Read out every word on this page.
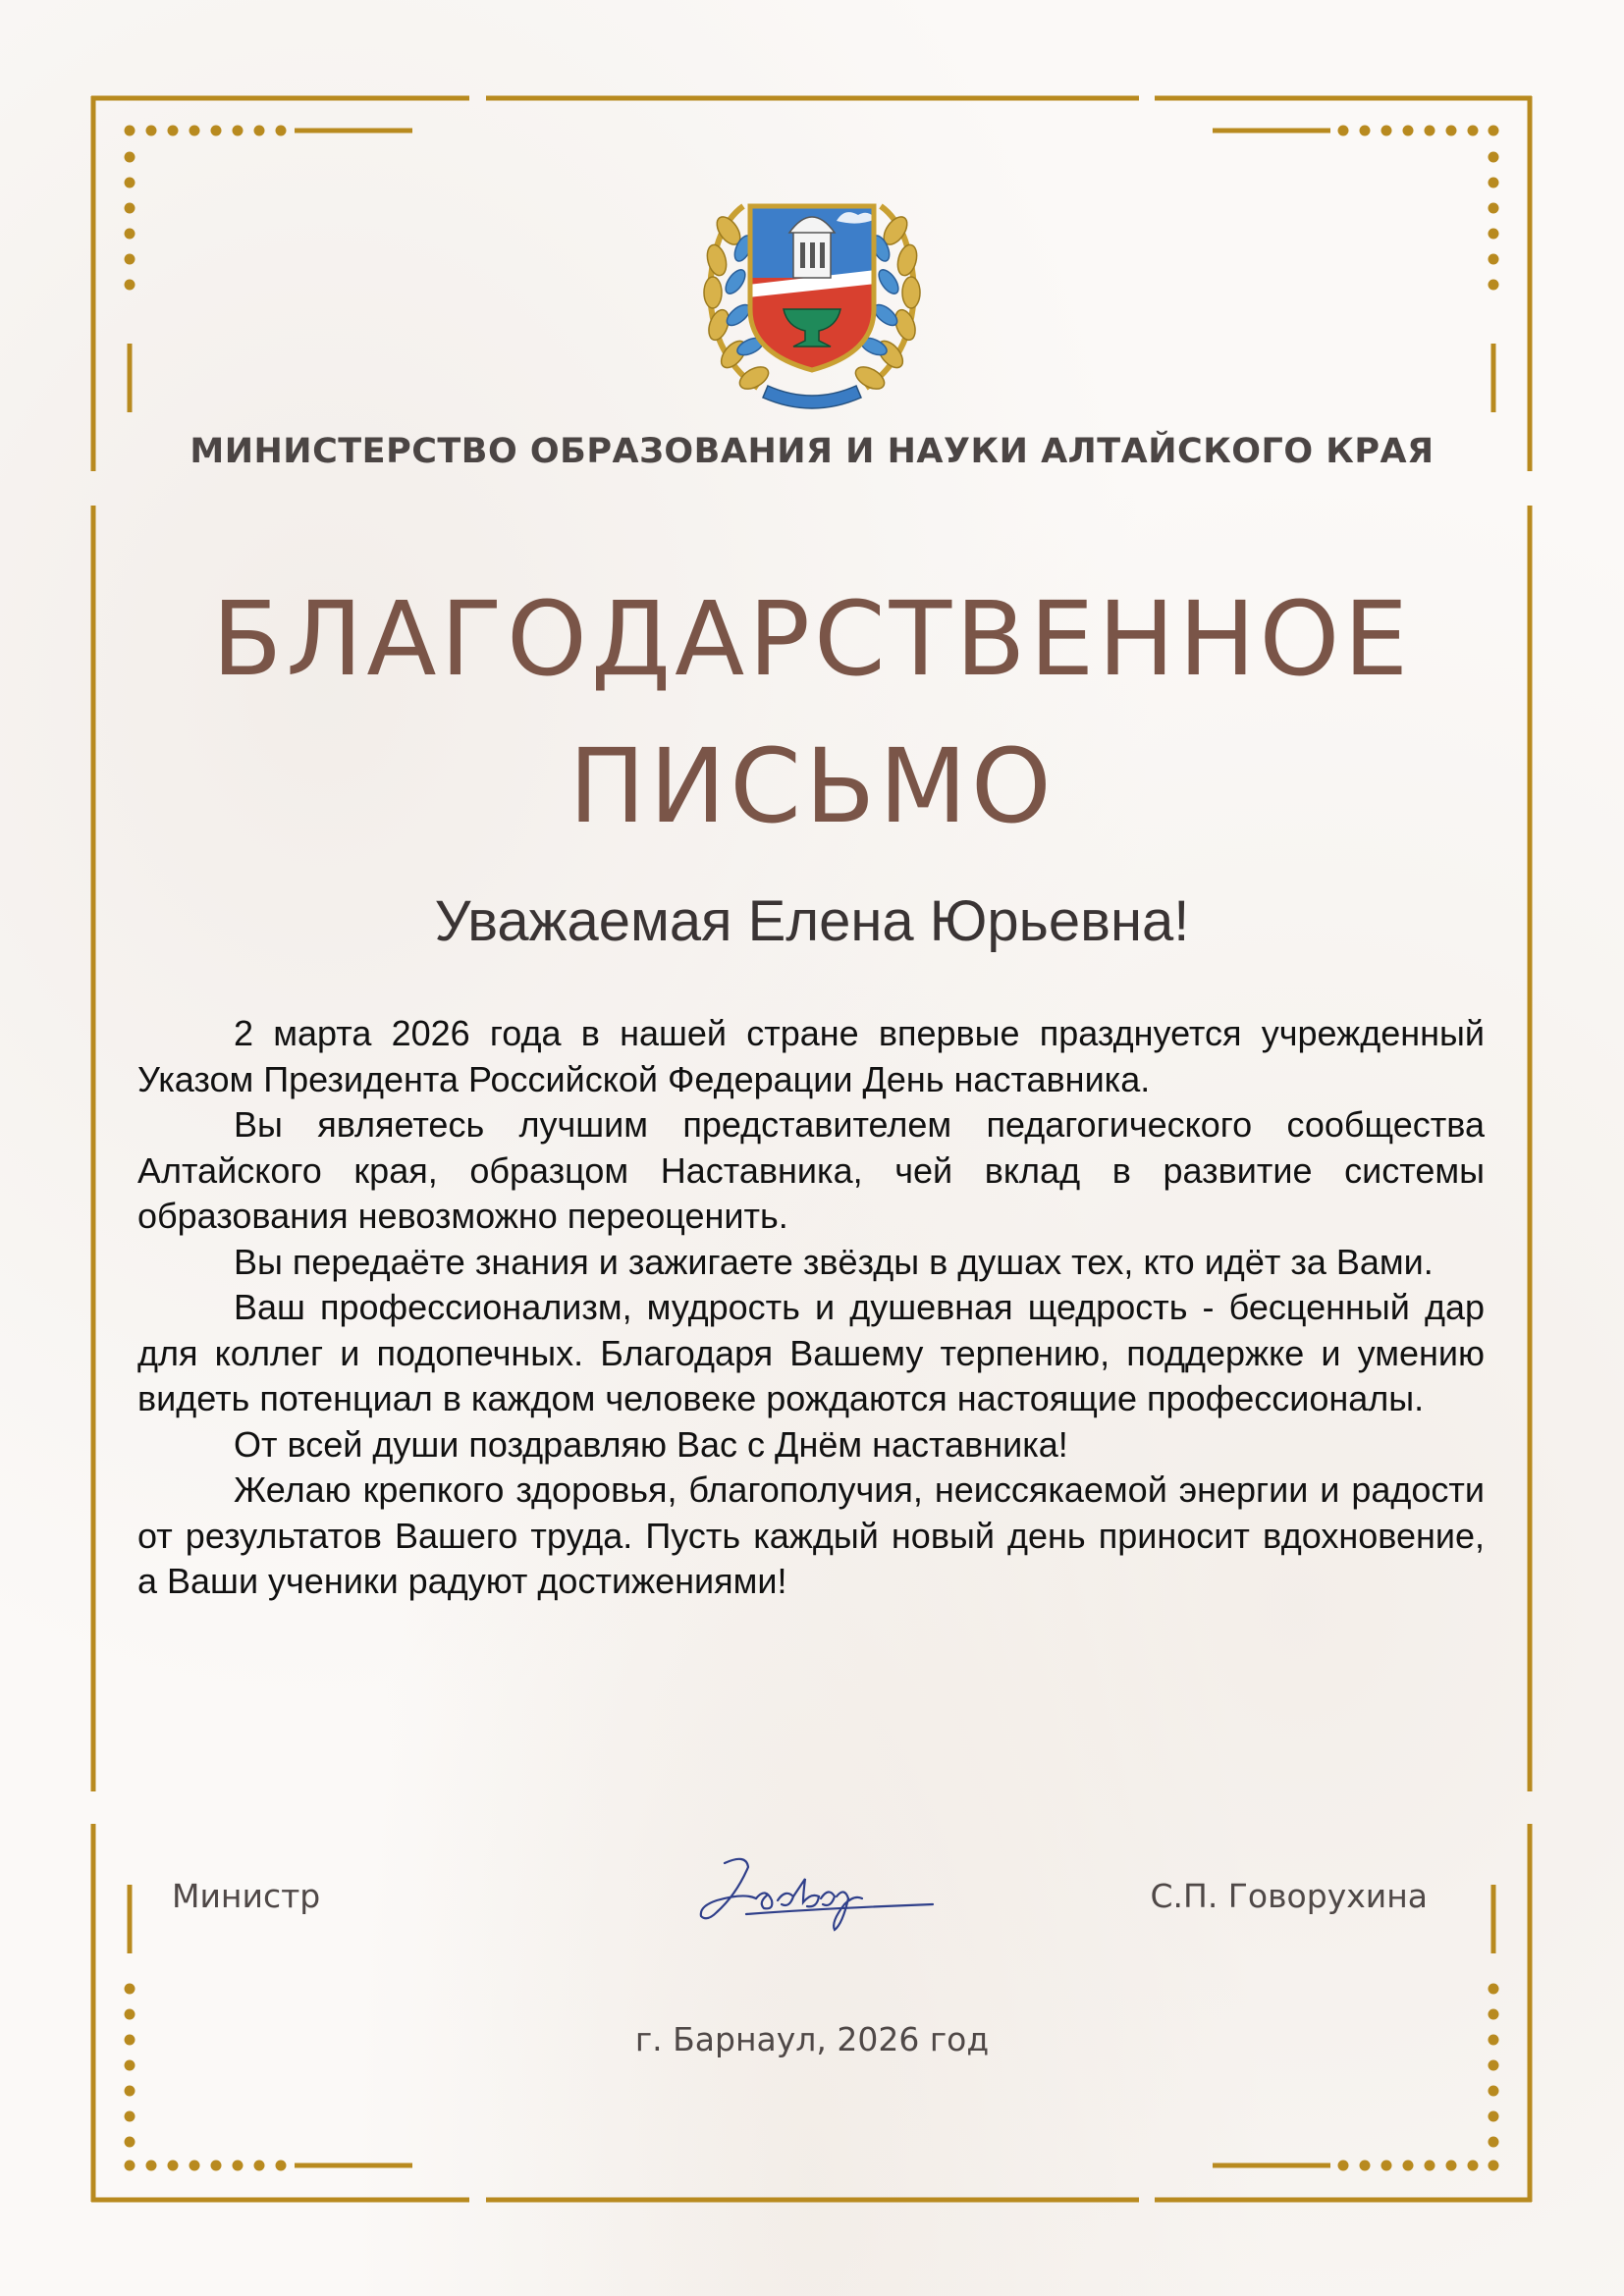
МИНИСТЕРСТВО ОБРАЗОВАНИЯ И НАУКИ АЛТАЙСКОГО КРАЯ
БЛАГОДАРСТВЕННОЕ
ПИСЬМО
Уважаемая Елена Юрьевна!

2 марта 2026 года в нашей стране впервые празднуется учрежденный Указом Президента Российской Федерации День наставника.

Вы являетесь лучшим представителем педагогического сообщества Алтайского края, образцом Наставника, чей вклад в развитие системы образования невозможно переоценить.

Вы передаёте знания и зажигаете звёзды в душах тех, кто идёт за Вами.

Ваш профессионализм, мудрость и душевная щедрость - бесценный дар для коллег и подопечных. Благодаря Вашему терпению, поддержке и умению видеть потенциал в каждом человеке рождаются настоящие профессионалы.

От всей души поздравляю Вас с Днём наставника!

Желаю крепкого здоровья, благополучия, неиссякаемой энергии и радости от результатов Вашего труда. Пусть каждый новый день приносит вдохновение, а Ваши ученики радуют достижениями!

Министр	С.П. Говорухина
г. Барнаул, 2026 год
